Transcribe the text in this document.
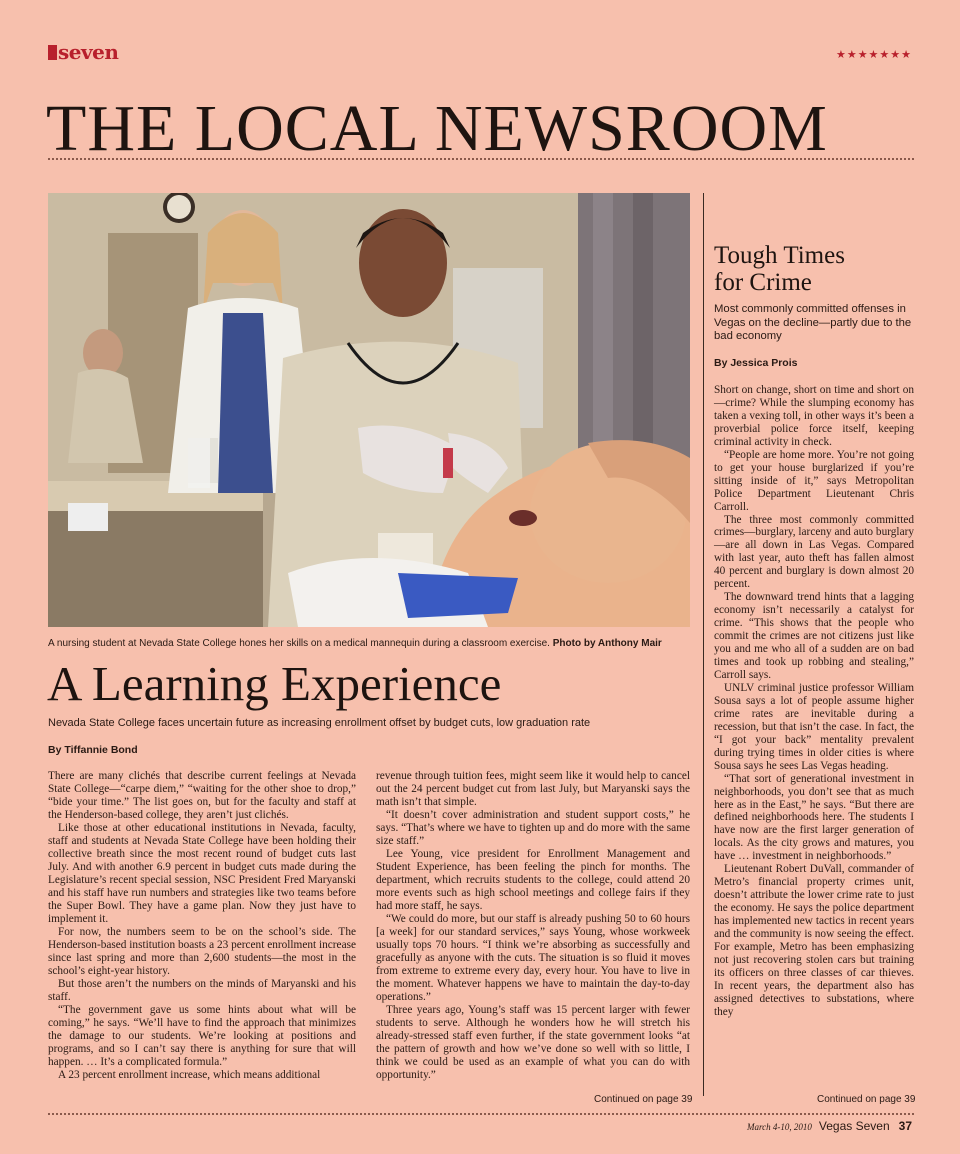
seven	★★★★★★★
THE LOCAL NEWSROOM
A nursing student at Nevada State College hones her skills on a medical mannequin during a classroom exercise. Photo by Anthony Mair
A Learning Experience
Nevada State College faces uncertain future as increasing enrollment offset by budget cuts, low graduation rate
By Tiffannie Bond

There are many clichés that describe current feelings at Nevada State College—“carpe diem,” “waiting for the other shoe to drop,” “bide your time.” The list goes on, but for the faculty and staff at the Henderson-based college, they aren’t just clichés.

Like those at other educational institutions in Nevada, faculty, staff and students at Nevada State College have been holding their collective breath since the most recent round of budget cuts last July. And with another 6.9 percent in budget cuts made during the Legislature’s recent special session, NSC President Fred Maryanski and his staff have run numbers and strategies like two teams before the Super Bowl. They have a game plan. Now they just have to implement it.

For now, the numbers seem to be on the school’s side. The Henderson-based institution boasts a 23 percent enrollment increase since last spring and more than 2,600 students—the most in the school’s eight-year history.

But those aren’t the numbers on the minds of Maryanski and his staff.

“The government gave us some hints about what will be coming,” he says. “We’ll have to find the approach that minimizes the damage to our students. We’re looking at positions and programs, and so I can’t say there is anything for sure that will happen. … It’s a complicated formula.”

A 23 percent enrollment increase, which means additional

revenue through tuition fees, might seem like it would help to cancel out the 24 percent budget cut from last July, but Maryanski says the math isn’t that simple.

“It doesn’t cover administration and student support costs,” he says. “That’s where we have to tighten up and do more with the same size staff.”

Lee Young, vice president for Enrollment Management and Student Experience, has been feeling the pinch for months. The department, which recruits students to the college, could attend 20 more events such as high school meetings and college fairs if they had more staff, he says.

“We could do more, but our staff is already pushing 50 to 60 hours [a week] for our standard services,” says Young, whose workweek usually tops 70 hours. “I think we’re absorbing as successfully and gracefully as anyone with the cuts. The situation is so fluid it moves from extreme to extreme every day, every hour. You have to live in the moment. Whatever happens we have to maintain the day-to-day operations.”

Three years ago, Young’s staff was 15 percent larger with fewer students to serve. Although he wonders how he will stretch his already-stressed staff even further, if the state government looks “at the pattern of growth and how we’ve done so well with so little, I think we could be used as an example of what you can do with opportunity.”

Continued on page 39
Tough Times
for Crime
Most commonly committed offenses in Vegas on the decline—partly due to the bad economy
By Jessica Prois

Short on change, short on time and short on—crime? While the slumping economy has taken a vexing toll, in other ways it’s been a proverbial police force itself, keeping criminal activity in check.

“People are home more. You’re not going to get your house burglarized if you’re sitting inside of it,” says Metropolitan Police Department Lieutenant Chris Carroll.

The three most commonly committed crimes—burglary, larceny and auto burglary—are all down in Las Vegas. Compared with last year, auto theft has fallen almost 40 percent and burglary is down almost 20 percent.

The downward trend hints that a lagging economy isn’t necessarily a catalyst for crime. “This shows that the people who commit the crimes are not citizens just like you and me who all of a sudden are on bad times and took up robbing and stealing,” Carroll says.

UNLV criminal justice professor William Sousa says a lot of people assume higher crime rates are inevitable during a recession, but that isn’t the case. In fact, the “I got your back” mentality prevalent during trying times in older cities is where Sousa says he sees Las Vegas heading.

“That sort of generational investment in neighborhoods, you don’t see that as much here as in the East,” he says. “But there are defined neighborhoods here. The students I have now are the first larger generation of locals. As the city grows and matures, you have … investment in neighborhoods.”

Lieutenant Robert DuVall, commander of Metro’s financial property crimes unit, doesn’t attribute the lower crime rate to just the economy. He says the police department has implemented new tactics in recent years and the community is now seeing the effect. For example, Metro has been emphasizing not just recovering stolen cars but training its officers on three classes of car thieves. In recent years, the department also has assigned detectives to substations, where they

Continued on page 39
March 4-10, 2010 Vegas Seven 37
